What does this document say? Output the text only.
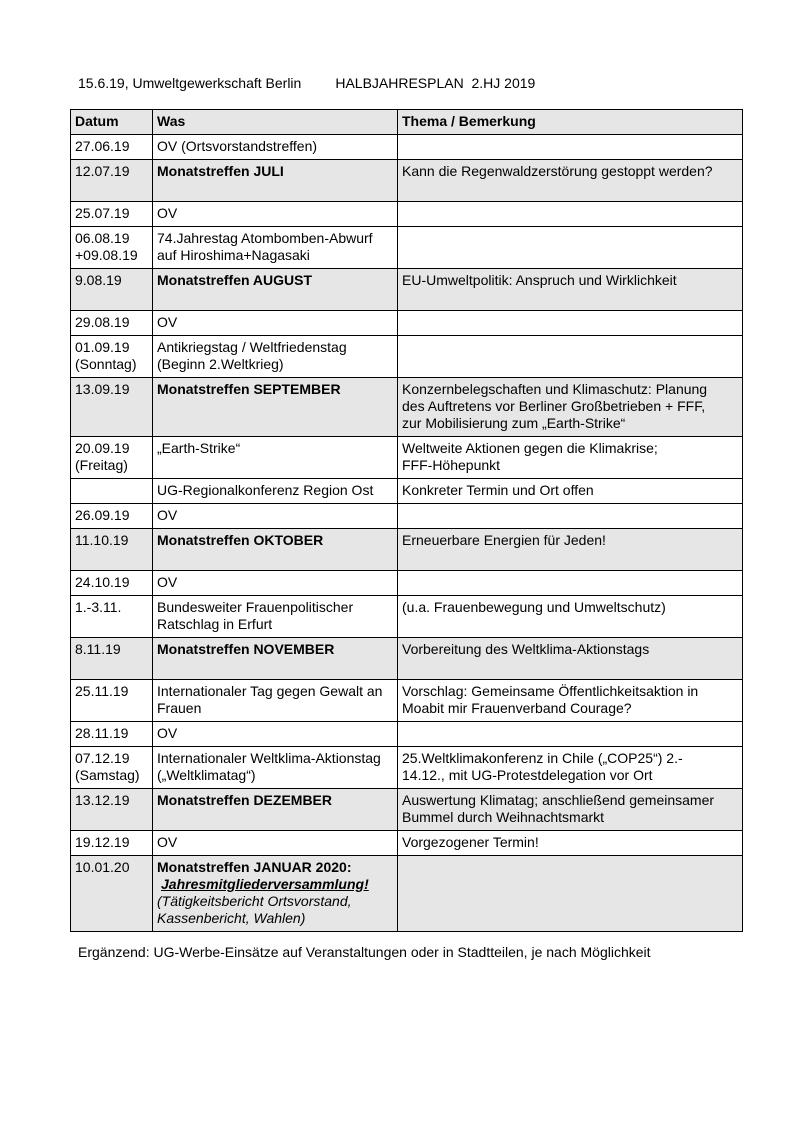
15.6.19, Umweltgewerkschaft Berlin HALBJAHRESPLAN  2.HJ 2019
Datum	Was	Thema / Bemerkung

27.06.19	OV (Ortsvorstandstreffen)	

12.07.19	Monatstreffen JULI	Kann die Regenwaldzerstörung gestoppt werden?

25.07.19	OV	

06.08.19
+09.08.19	74.Jahrestag Atombomben-Abwurf
auf Hiroshima+Nagasaki	

9.08.19	Monatstreffen AUGUST	EU-Umweltpolitik: Anspruch und Wirklichkeit

29.08.19	OV	

01.09.19
(Sonntag)	Antikriegstag / Weltfriedenstag
(Beginn 2.Weltkrieg)	

13.09.19	Monatstreffen SEPTEMBER	Konzernbelegschaften und Klimaschutz: Planung
des Auftretens vor Berliner Großbetrieben + FFF,
zur Mobilisierung zum „Earth-Strike“

20.09.19
(Freitag)	„Earth-Strike“	Weltweite Aktionen gegen die Klimakrise;
FFF-Höhepunkt

	UG-Regionalkonferenz Region Ost	Konkreter Termin und Ort offen

26.09.19	OV	

11.10.19	Monatstreffen OKTOBER	Erneuerbare Energien für Jeden!

24.10.19	OV	

1.-3.11.	Bundesweiter Frauenpolitischer
Ratschlag in Erfurt	(u.a. Frauenbewegung und Umweltschutz)

8.11.19	Monatstreffen NOVEMBER	Vorbereitung des Weltklima-Aktionstags

25.11.19	Internationaler Tag gegen Gewalt an
Frauen	Vorschlag: Gemeinsame Öffentlichkeitsaktion in
Moabit mir Frauenverband Courage?

28.11.19	OV	

07.12.19
(Samstag)	Internationaler Weltklima-Aktionstag
(„Weltklimatag“)	25.Weltklimakonferenz in Chile („COP25“) 2.-
14.12., mit UG-Protestdelegation vor Ort

13.12.19	Monatstreffen DEZEMBER	Auswertung Klimatag; anschließend gemeinsamer
Bummel durch Weihnachtsmarkt

19.12.19	OV	Vorgezogener Termin!

10.01.20	Monatstreffen JANUAR 2020:
Jahresmitgliederversammlung!
(Tätigkeitsbericht Ortsvorstand,
Kassenbericht, Wahlen)	

Ergänzend: UG-Werbe-Einsätze auf Veranstaltungen oder in Stadtteilen, je nach Möglichkeit
